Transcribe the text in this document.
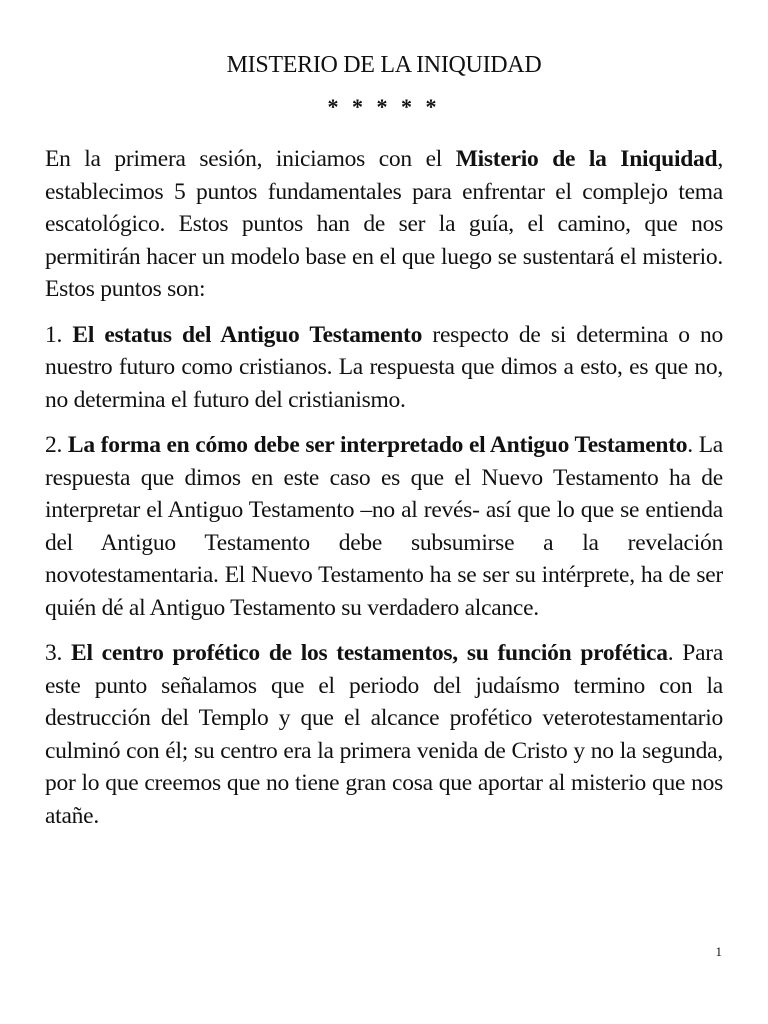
MISTERIO DE LA INIQUIDAD
* * * * *

En la primera sesión, iniciamos con el Misterio de la Iniquidad, establecimos 5 puntos fundamentales para enfrentar el complejo tema escatológico. Estos puntos han de ser la guía, el camino, que nos permitirán hacer un modelo base en el que luego se sustentará el misterio. Estos puntos son:

1. El estatus del Antiguo Testamento respecto de si determina o no nuestro futuro como cristianos. La respuesta que dimos a esto, es que no, no determina el futuro del cristianismo.

2. La forma en cómo debe ser interpretado el Antiguo Testamento. La respuesta que dimos en este caso es que el Nuevo Testamento ha de interpretar el Antiguo Testamento –no al revés- así que lo que se entienda del Antiguo Testamento debe subsumirse a la revelación novotestamentaria. El Nuevo Testamento ha se ser su intérprete, ha de ser quién dé al Antiguo Testamento su verdadero alcance.

3. El centro profético de los testamentos, su función profética. Para este punto señalamos que el periodo del judaísmo termino con la destrucción del Templo y que el alcance profético veterotestamentario culminó con él; su centro era la primera venida de Cristo y no la segunda, por lo que creemos que no tiene gran cosa que aportar al misterio que nos atañe.

1
